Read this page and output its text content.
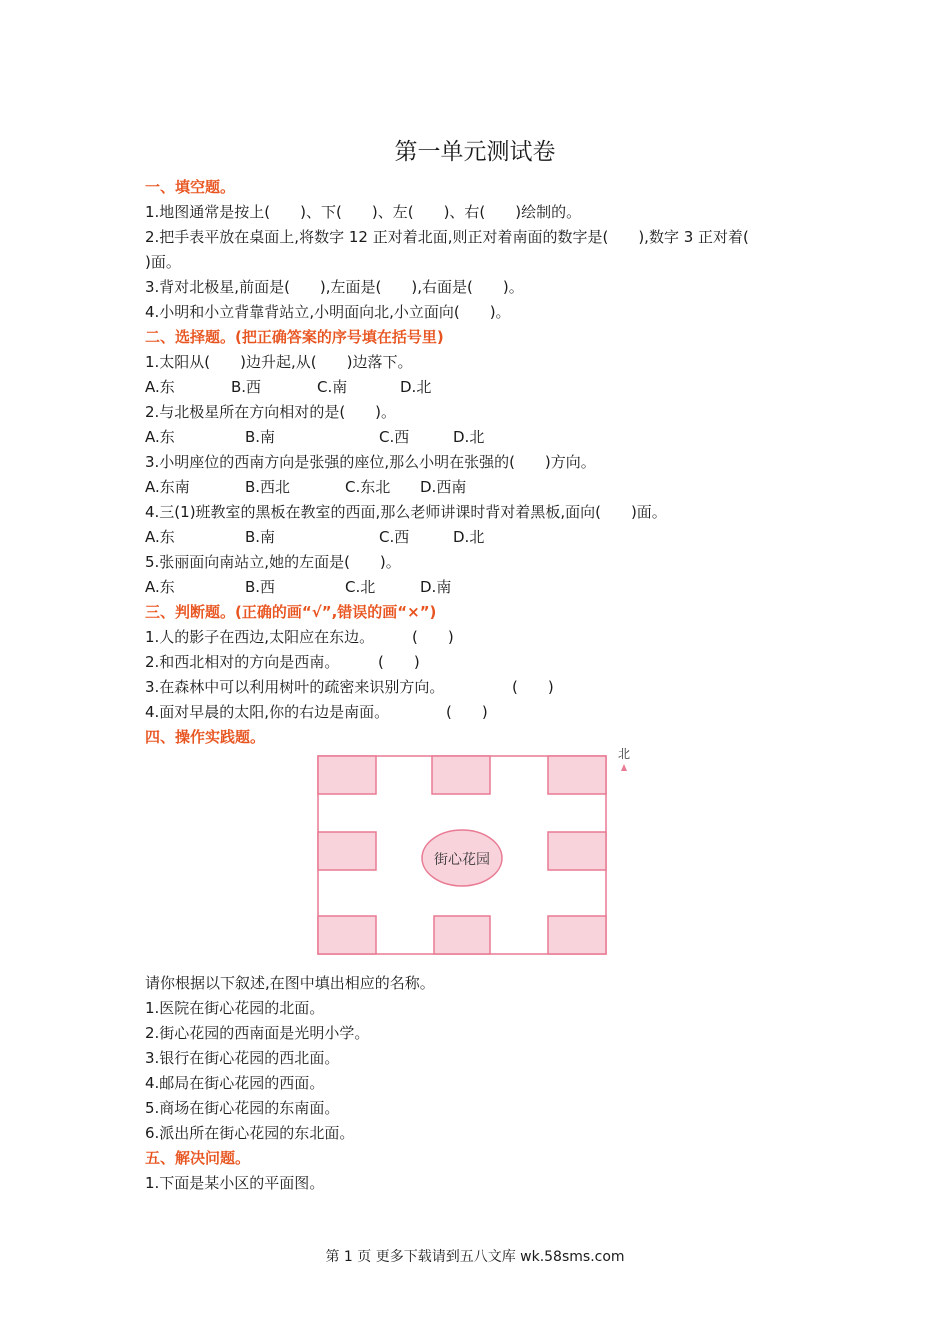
第一单元测试卷
一、填空题。
1.地图通常是按上(　　)、下(　　)、左(　　)、右(　　)绘制的。
2.把手表平放在桌面上,将数字 12 正对着北面,则正对着南面的数字是(　　),数字 3 正对着(
)面。
3.背对北极星,前面是(　　),左面是(　　),右面是(　　)。
4.小明和小立背靠背站立,小明面向北,小立面向(　　)。
二、选择题。(把正确答案的序号填在括号里)
1.太阳从(　　)边升起,从(　　)边落下。
A.东	B.西	C.南	D.北
2.与北极星所在方向相对的是(　　)。
A.东	B.南	C.西	D.北
3.小明座位的西南方向是张强的座位,那么小明在张强的(　　)方向。
A.东南	B.西北	C.东北 D.西南
4.三(1)班教室的黑板在教室的西面,那么老师讲课时背对着黑板,面向(　　)面。
A.东	B.南	C.西	D.北
5.张丽面向南站立,她的左面是(　　)。
A.东	B.西	C.北	D.南
三、判断题。(正确的画“√”,错误的画“×”)
1.人的影子在西边,太阳应在东边。	(　　)
2.和西北相对的方向是西南。	(　　)
3.在森林中可以利用树叶的疏密来识别方向。	(　　)
4.面对早晨的太阳,你的右边是南面。	(　　)
四、操作实践题。
街心花园
北
请你根据以下叙述,在图中填出相应的名称。
1.医院在街心花园的北面。
2.街心花园的西南面是光明小学。
3.银行在街心花园的西北面。
4.邮局在街心花园的西面。
5.商场在街心花园的东南面。
6.派出所在街心花园的东北面。
五、解决问题。
1.下面是某小区的平面图。
第 1 页 更多下载请到五八文库 wk.58sms.com
